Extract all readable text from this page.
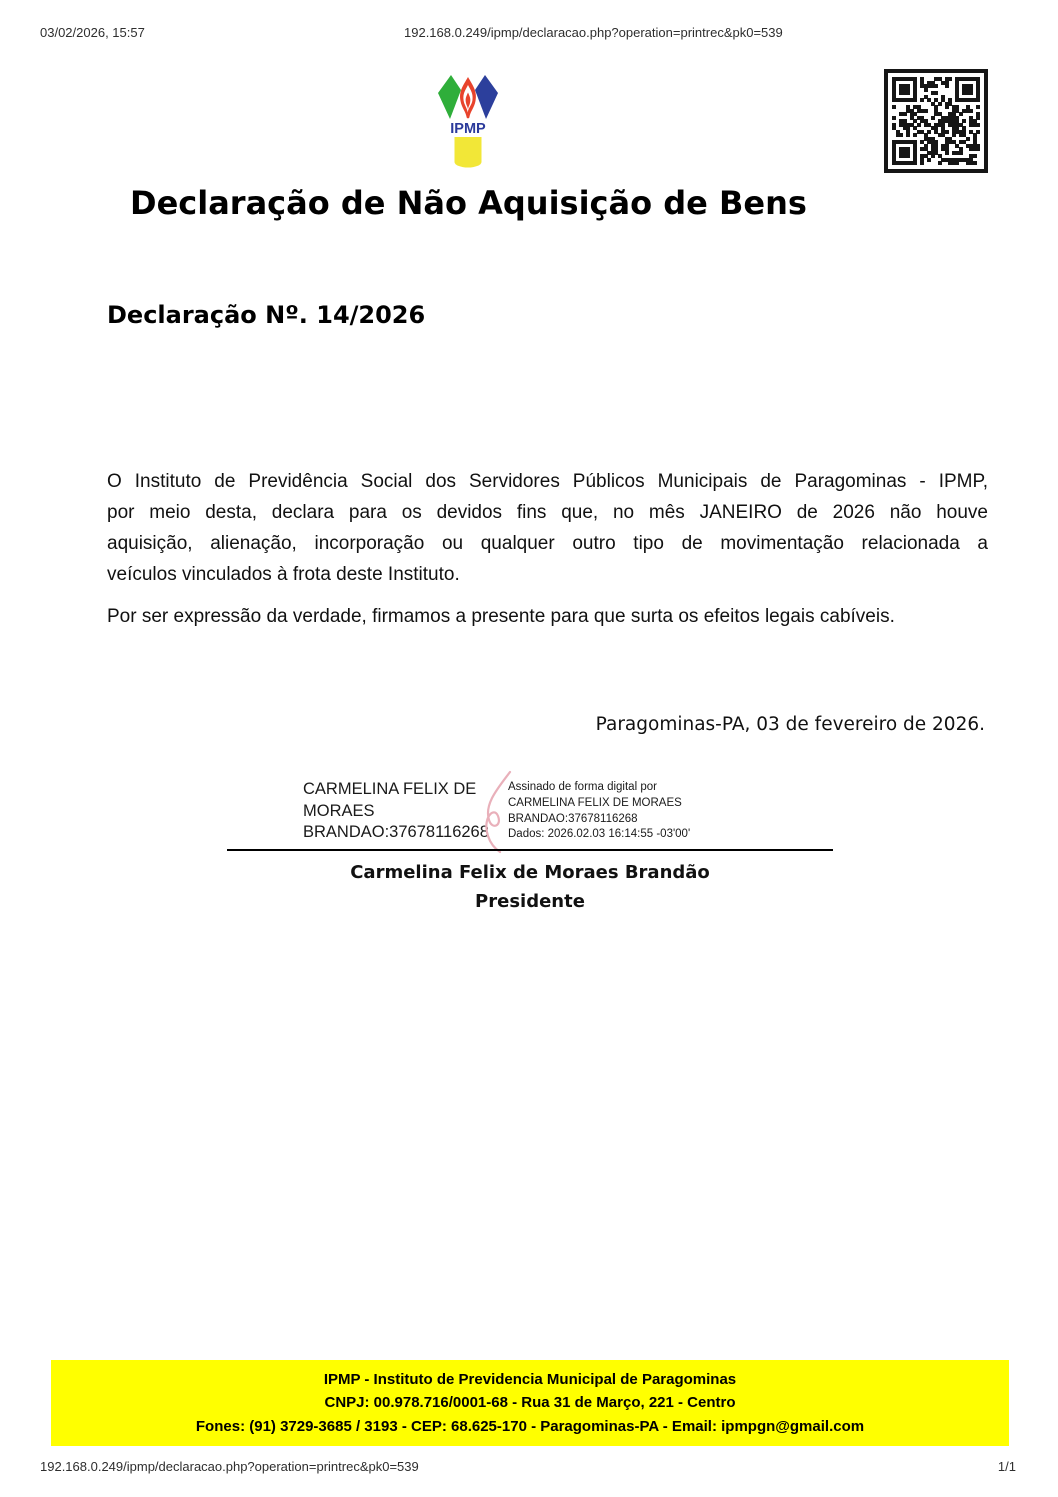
03/02/2026, 15:57	192.168.0.249/ipmp/declaracao.php?operation=printrec&pk0=539
IPMP
Declaração de Não Aquisição de Bens
Declaração Nº. 14/2026
O Instituto de Previdência Social dos Servidores Públicos Municipais de Paragominas - IPMP,
por meio desta, declara para os devidos fins que, no mês JANEIRO de 2026 não houve
aquisição, alienação, incorporação ou qualquer outro tipo de movimentação relacionada a
veículos vinculados à frota deste Instituto.
Por ser expressão da verdade, firmamos a presente para que surta os efeitos legais cabíveis.
Paragominas-PA, 03 de fevereiro de 2026.
CARMELINA FELIX DE MORAES BRANDAO:37678116268
Assinado de forma digital por
CARMELINA FELIX DE MORAES
BRANDAO:37678116268
Dados: 2026.02.03 16:14:55 -03'00'
Carmelina Felix de Moraes Brandão
Presidente
IPMP - Instituto de Previdencia Municipal de Paragominas
CNPJ: 00.978.716/0001-68 - Rua 31 de Março, 221 - Centro
Fones: (91) 3729-3685 / 3193 - CEP: 68.625-170 - Paragominas-PA - Email: ipmpgn@gmail.com
192.168.0.249/ipmp/declaracao.php?operation=printrec&pk0=539	1/1
